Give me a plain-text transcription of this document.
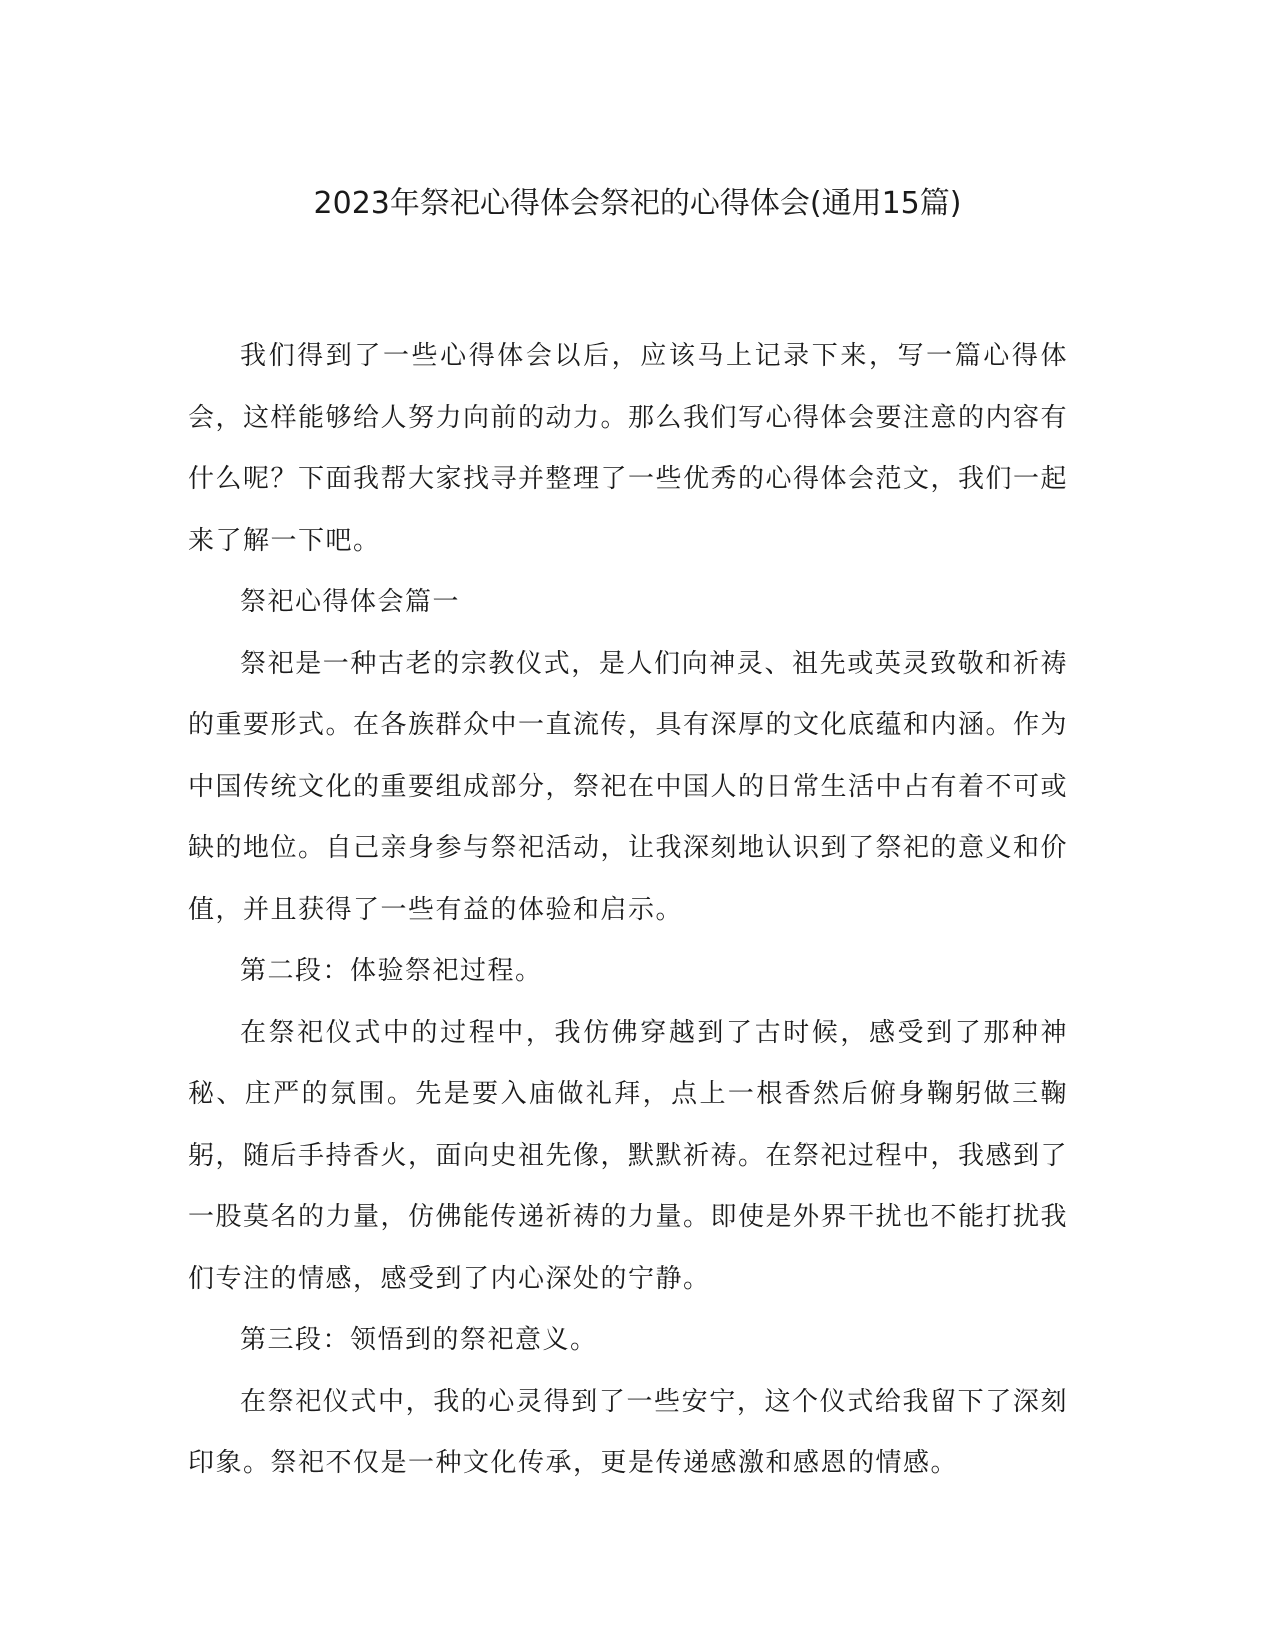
2023年祭祀心得体会祭祀的心得体会(通用15篇)

我们得到了一些心得体会以后，应该马上记录下来，写一篇心得体会，这样能够给人努力向前的动力。那么我们写心得体会要注意的内容有什么呢？下面我帮大家找寻并整理了一些优秀的心得体会范文，我们一起来了解一下吧。

祭祀心得体会篇一

祭祀是一种古老的宗教仪式，是人们向神灵、祖先或英灵致敬和祈祷的重要形式。在各族群众中一直流传，具有深厚的文化底蕴和内涵。作为中国传统文化的重要组成部分，祭祀在中国人的日常生活中占有着不可或缺的地位。自己亲身参与祭祀活动，让我深刻地认识到了祭祀的意义和价值，并且获得了一些有益的体验和启示。

第二段：体验祭祀过程。

在祭祀仪式中的过程中，我仿佛穿越到了古时候，感受到了那种神秘、庄严的氛围。先是要入庙做礼拜，点上一根香然后俯身鞠躬做三鞠躬，随后手持香火，面向史祖先像，默默祈祷。在祭祀过程中，我感到了一股莫名的力量，仿佛能传递祈祷的力量。即使是外界干扰也不能打扰我们专注的情感，感受到了内心深处的宁静。

第三段：领悟到的祭祀意义。

在祭祀仪式中，我的心灵得到了一些安宁，这个仪式给我留下了深刻印象。祭祀不仅是一种文化传承，更是传递感激和感恩的情感。
